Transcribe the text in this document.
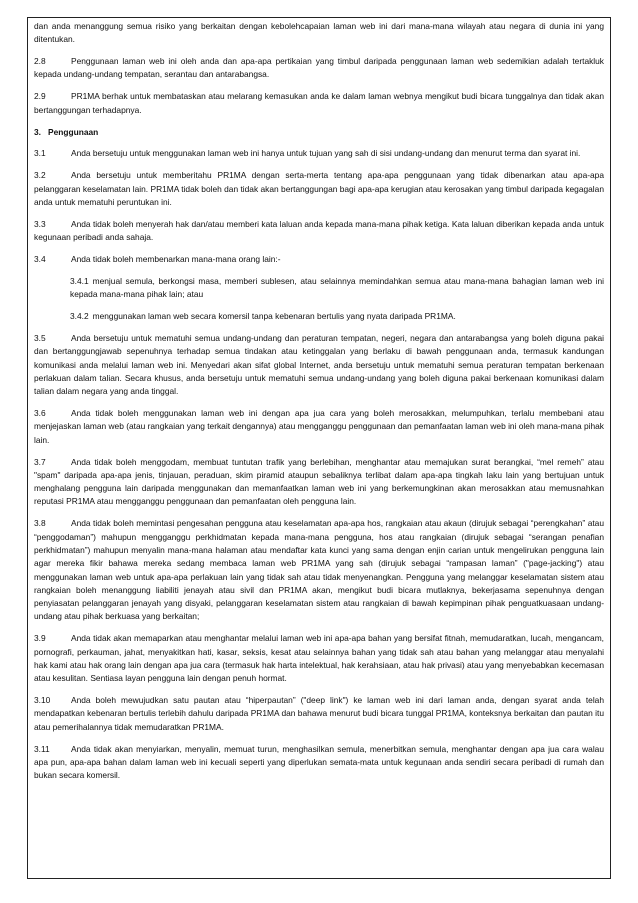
dan anda menanggung semua risiko yang berkaitan dengan kebolehcapaian laman web ini dari mana-mana wilayah atau negara di dunia ini yang ditentukan.

2.8	Penggunaan laman web ini oleh anda dan apa-apa pertikaian yang timbul daripada penggunaan laman web sedemikian adalah tertakluk kepada undang-undang tempatan, serantau dan antarabangsa.

2.9	PR1MA berhak untuk membataskan atau melarang kemasukan anda ke dalam laman webnya mengikut budi bicara tunggalnya dan tidak akan bertanggungan terhadapnya.

3. Penggunaan

3.1	Anda bersetuju untuk menggunakan laman web ini hanya untuk tujuan yang sah di sisi undang-undang dan menurut terma dan syarat ini.

3.2	Anda bersetuju untuk memberitahu PR1MA dengan serta-merta tentang apa-apa penggunaan yang tidak dibenarkan atau apa-apa pelanggaran keselamatan lain. PR1MA tidak boleh dan tidak akan bertanggungan bagi apa-apa kerugian atau kerosakan yang timbul daripada kegagalan anda untuk mematuhi peruntukan ini.

3.3	Anda tidak boleh menyerah hak dan/atau memberi kata laluan anda kepada mana-mana pihak ketiga. Kata laluan diberikan kepada anda untuk kegunaan peribadi anda sahaja.

3.4	Anda tidak boleh membenarkan mana-mana orang lain:-

3.4.1 menjual semula, berkongsi masa, memberi sublesen, atau selainnya memindahkan semua atau mana-mana bahagian laman web ini kepada mana-mana pihak lain; atau

3.4.2 menggunakan laman web secara komersil tanpa kebenaran bertulis yang nyata daripada PR1MA.

3.5	Anda bersetuju untuk mematuhi semua undang-undang dan peraturan tempatan, negeri, negara dan antarabangsa yang boleh diguna pakai dan bertanggungjawab sepenuhnya terhadap semua tindakan atau ketinggalan yang berlaku di bawah penggunaan anda, termasuk kandungan komunikasi anda melalui laman web ini. Menyedari akan sifat global Internet, anda bersetuju untuk mematuhi semua peraturan tempatan berkenaan perlakuan dalam talian. Secara khusus, anda bersetuju untuk mematuhi semua undang-undang yang boleh diguna pakai berkenaan komunikasi dalam talian dalam negara yang anda tinggal.

3.6	Anda tidak boleh menggunakan laman web ini dengan apa jua cara yang boleh merosakkan, melumpuhkan, terlalu membebani atau menjejaskan laman web (atau rangkaian yang terkait dengannya) atau mengganggu penggunaan dan pemanfaatan laman web ini oleh mana-mana pihak lain.

3.7	Anda tidak boleh menggodam, membuat tuntutan trafik yang berlebihan, menghantar atau memajukan surat berangkai, “mel remeh” atau "spam" daripada apa-apa jenis, tinjauan, peraduan, skim piramid ataupun sebaliknya terlibat dalam apa-apa tingkah laku lain yang bertujuan untuk menghalang pengguna lain daripada menggunakan dan memanfaatkan laman web ini yang berkemungkinan akan merosakkan atau memusnahkan reputasi PR1MA atau mengganggu penggunaan dan pemanfaatan oleh pengguna lain.

3.8	Anda tidak boleh memintasi pengesahan pengguna atau keselamatan apa-apa hos, rangkaian atau akaun (dirujuk sebagai “perengkahan” atau “penggodaman”) mahupun mengganggu perkhidmatan kepada mana-mana pengguna, hos atau rangkaian (dirujuk sebagai “serangan penafian perkhidmatan”) mahupun menyalin mana-mana halaman atau mendaftar kata kunci yang sama dengan enjin carian untuk mengelirukan pengguna lain agar mereka fikir bahawa mereka sedang membaca laman web PR1MA yang sah (dirujuk sebagai “rampasan laman” ("page-jacking") atau menggunakan laman web untuk apa-apa perlakuan lain yang tidak sah atau tidak menyenangkan. Pengguna yang melanggar keselamatan sistem atau rangkaian boleh menanggung liabiliti jenayah atau sivil dan PR1MA akan, mengikut budi bicara mutlaknya, bekerjasama sepenuhnya dengan penyiasatan pelanggaran jenayah yang disyaki, pelanggaran keselamatan sistem atau rangkaian di bawah kepimpinan pihak penguatkuasaan undang-undang atau pihak berkuasa yang berkaitan;

3.9	Anda tidak akan memaparkan atau menghantar melalui laman web ini apa-apa bahan yang bersifat fitnah, memudaratkan, lucah, mengancam, pornografi, perkauman, jahat, menyakitkan hati, kasar, seksis, kesat atau selainnya bahan yang tidak sah atau bahan yang melanggar atau menyalahi hak kami atau hak orang lain dengan apa jua cara (termasuk hak harta intelektual, hak kerahsiaan, atau hak privasi) atau yang menyebabkan kecemasan atau kesulitan. Sentiasa layan pengguna lain dengan penuh hormat.

3.10 Anda boleh mewujudkan satu pautan atau “hiperpautan” ("deep link") ke laman web ini dari laman anda, dengan syarat anda telah mendapatkan kebenaran bertulis terlebih dahulu daripada PR1MA dan bahawa menurut budi bicara tunggal PR1MA, konteksnya berkaitan dan pautan itu atau pemerihalannya tidak memudaratkan PR1MA.

3.11	Anda tidak akan menyiarkan, menyalin, memuat turun, menghasilkan semula, menerbitkan semula, menghantar dengan apa jua cara walau apa pun, apa-apa bahan dalam laman web ini kecuali seperti yang diperlukan semata-mata untuk kegunaan anda sendiri secara peribadi di rumah dan bukan secara komersil.
